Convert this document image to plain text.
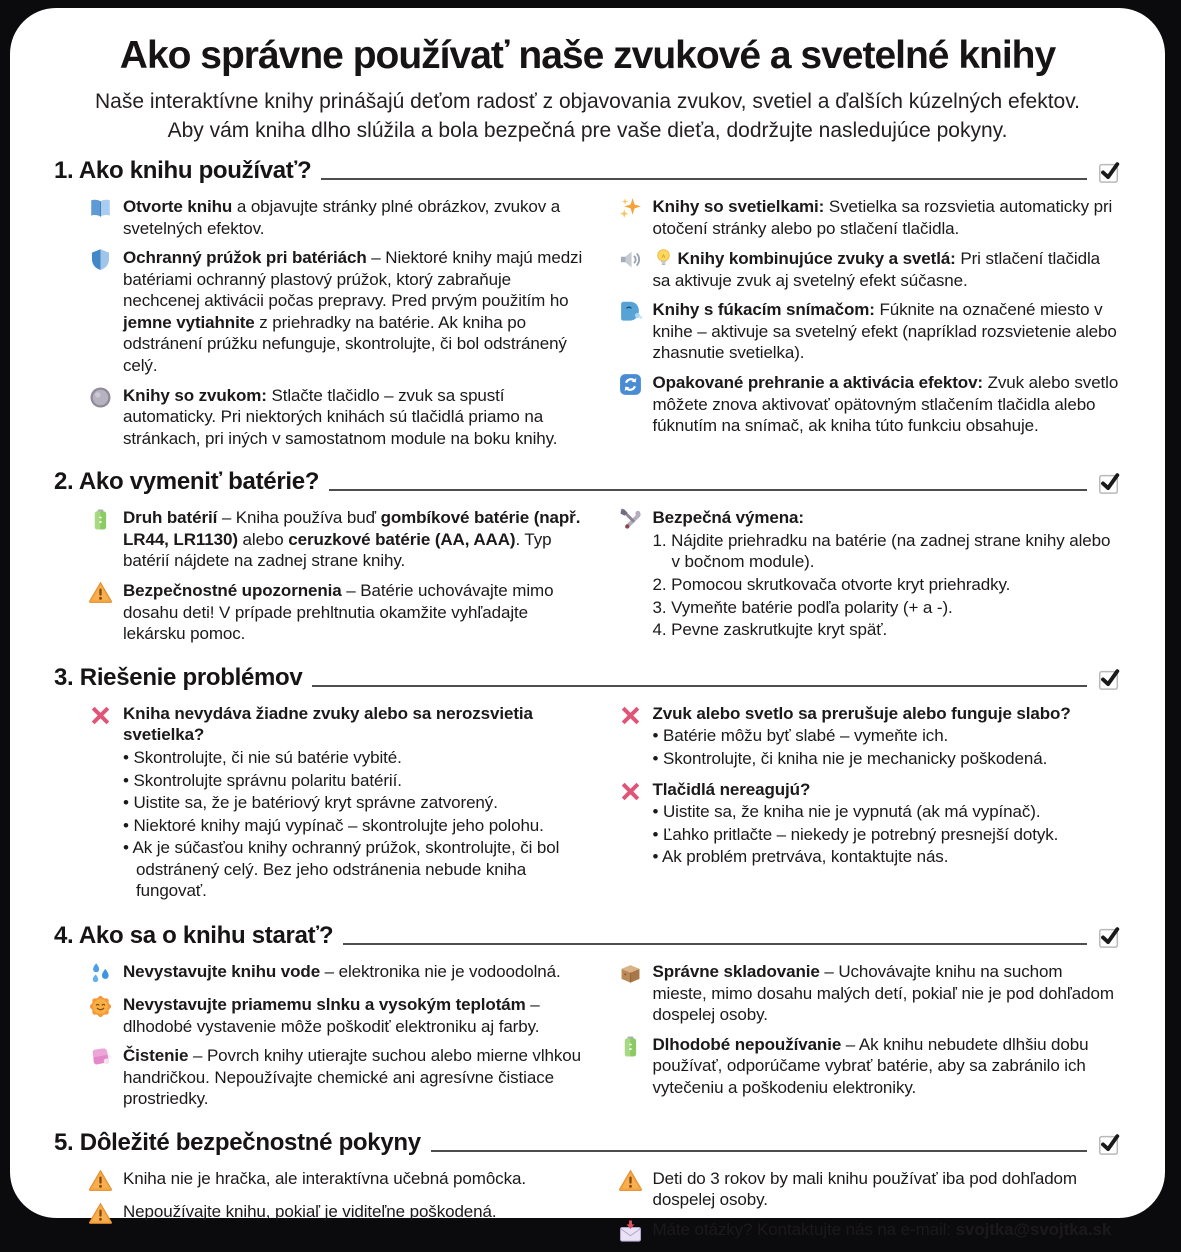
Ako správne používať naše zvukové a svetelné knihy

Naše interaktívne knihy prinášajú deťom radosť z objavovania zvukov, svetiel a ďalších kúzelných efektov.
Aby vám kniha dlho slúžila a bola bezpečná pre vaše dieťa, dodržujte nasledujúce pokyny.

1. Ako knihu používať?
Otvorte knihu a objavujte stránky plné obrázkov, zvukov a svetelných efektov.
Ochranný prúžok pri batériách – Niektoré knihy majú medzi batériami ochranný plastový prúžok, ktorý zabraňuje nechcenej aktivácii počas prepravy. Pred prvým použitím ho jemne vytiahnite z priehradky na batérie. Ak kniha po odstránení prúžku nefunguje, skontrolujte, či bol odstránený celý.
Knihy so zvukom: Stlačte tlačidlo – zvuk sa spustí automaticky. Pri niektorých knihách sú tlačidlá priamo na stránkach, pri iných v samostatnom module na boku knihy.
Knihy so svetielkami: Svetielka sa rozsvietia automaticky pri otočení stránky alebo po stlačení tlačidla.
Knihy kombinujúce zvuky a svetlá: Pri stlačení tlačidla sa aktivuje zvuk aj svetelný efekt súčasne.
Knihy s fúkacím snímačom: Fúknite na označené miesto v knihe – aktivuje sa svetelný efekt (napríklad rozsvietenie alebo zhasnutie svetielka).
Opakované prehranie a aktivácia efektov: Zvuk alebo svetlo môžete znova aktivovať opätovným stlačením tlačidla alebo fúknutím na snímač, ak kniha túto funkciu obsahuje.
2. Ako vymeniť batérie?
Druh batérií – Kniha používa buď gombíkové batérie (např. LR44, LR1130) alebo ceruzkové batérie (AA, AAA). Typ batérií nájdete na zadnej strane knihy.
Bezpečnostné upozornenia – Batérie uchovávajte mimo dosahu deti! V prípade prehltnutia okamžite vyhľadajte lekársku pomoc.
Bezpečná výmena:
1. Nájdite priehradku na batérie (na zadnej strane knihy alebo v bočnom module).
2. Pomocou skrutkovača otvorte kryt priehradky.
3. Vymeňte batérie podľa polarity (+ a -).
4. Pevne zaskrutkujte kryt späť.
3. Riešenie problémov
Kniha nevydáva žiadne zvuky alebo sa nerozsvietia svetielka?
• Skontrolujte, či nie sú batérie vybité.
• Skontrolujte správnu polaritu batérií.
• Uistite sa, že je batériový kryt správne zatvorený.
• Niektoré knihy majú vypínač – skontrolujte jeho polohu.
• Ak je súčasťou knihy ochranný prúžok, skontrolujte, či bol odstránený celý. Bez jeho odstránenia nebude kniha fungovať.
Zvuk alebo svetlo sa prerušuje alebo funguje slabo?
• Batérie môžu byť slabé – vymeňte ich.
• Skontrolujte, či kniha nie je mechanicky poškodená.
Tlačidlá nereagujú?
• Uistite sa, že kniha nie je vypnutá (ak má vypínač).
• Ľahko pritlačte – niekedy je potrebný presnejší dotyk.
• Ak problém pretrváva, kontaktujte nás.
4. Ako sa o knihu starať?
Nevystavujte knihu vode – elektronika nie je vodoodolná.
Nevystavujte priamemu slnku a vysokým teplotám – dlhodobé vystavenie môže poškodiť elektroniku aj farby.
Čistenie – Povrch knihy utierajte suchou alebo mierne vlhkou handričkou. Nepoužívajte chemické ani agresívne čistiace prostriedky.
Správne skladovanie – Uchovávajte knihu na suchom mieste, mimo dosahu malých detí, pokiaľ nie je pod dohľadom dospelej osoby.
Dlhodobé nepoužívanie – Ak knihu nebudete dlhšiu dobu používať, odporúčame vybrať batérie, aby sa zabránilo ich vytečeniu a poškodeniu elektroniky.
5. Dôležité bezpečnostné pokyny
Kniha nie je hračka, ale interaktívna učebná pomôcka.
Nepoužívajte knihu, pokiaľ je viditeľne poškodená.
Deti do 3 rokov by mali knihu používať iba pod dohľadom dospelej osoby.
Máte otázky? Kontaktujte nás na e-mail: svojtka@svojtka.sk
